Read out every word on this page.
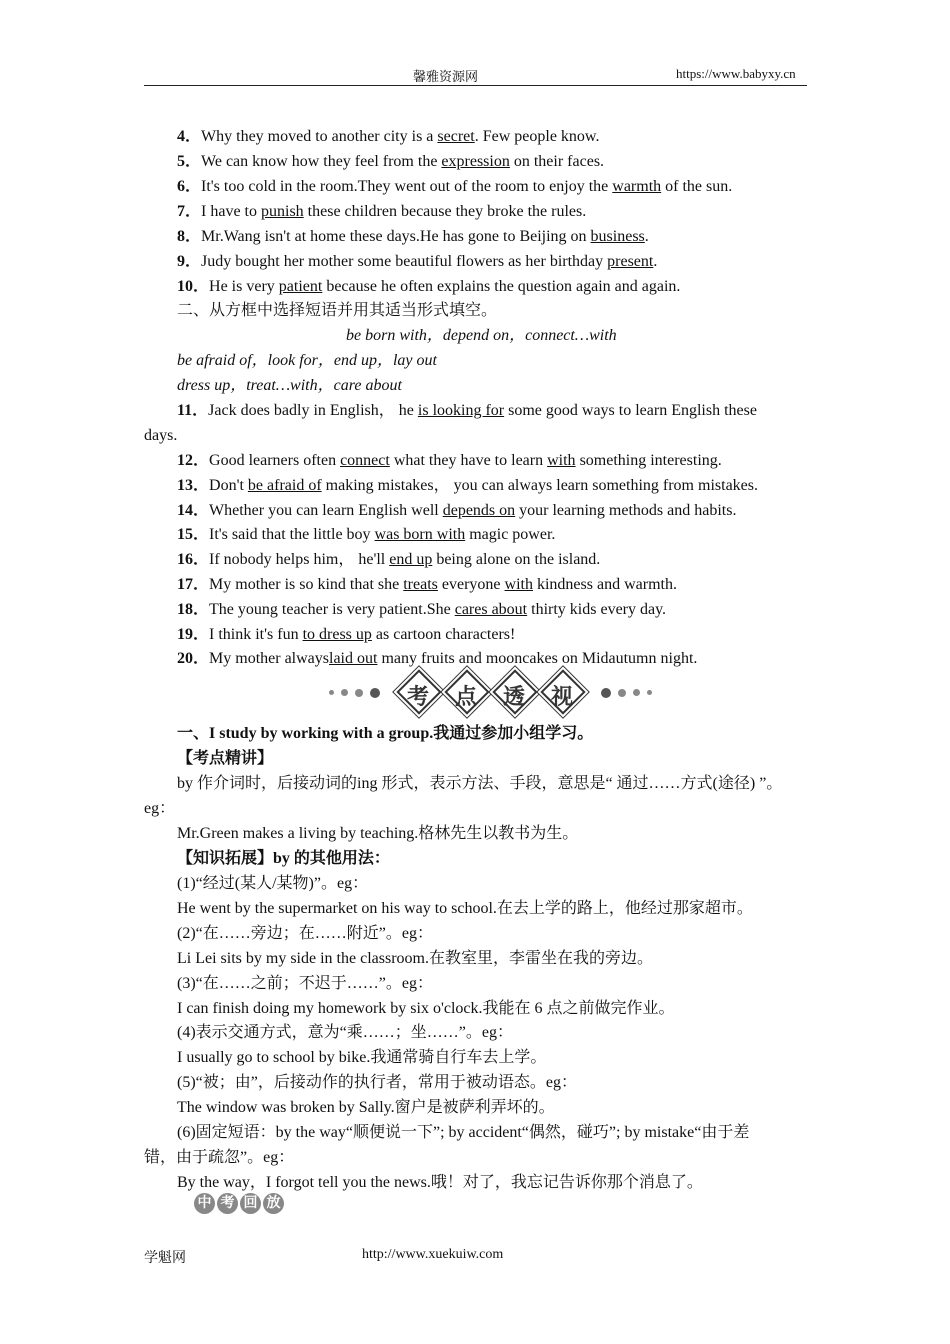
馨雅资源网	https://www.babyxy.cn
4．Why they moved to another city is a secret. Few people know.
5．We can know how they feel from the expression on their faces.
6．It's too cold in the room.They went out of the room to enjoy the warmth of the sun.
7．I have to punish these children because they broke the rules.
8．Mr.Wang isn't at home these days.He has gone to Beijing on business.
9．Judy bought her mother some beautiful flowers as her birthday present.
10．He is very patient because he often explains the question again and again.
二、从方框中选择短语并用其适当形式填空。
be born with，depend on，connect…with
be afraid of，look for，end up，lay out
dress up，treat…with，care about
11．Jack does badly in English， he is looking for some good ways to learn English these
days.
12．Good learners often connect what they have to learn with something interesting.
13．Don't be afraid of making mistakes， you can always learn something from mistakes.
14．Whether you can learn English well depends on your learning methods and habits.
15．It's said that the little boy was born with magic power.
16．If nobody helps him， he'll end up being alone on the island.
17．My mother is so kind that she treats everyone with kindness and warmth.
18．The young teacher is very patient.She cares about thirty kids every day.
19．I think it's fun to dress up as cartoon characters!
20．My mother alwayslaid out many fruits and mooncakes on Midautumn night.
考	点	透	视
一、I study by working with a group.我通过参加小组学习。
【考点精讲】
by 作介词时，后接动词的ing 形式，表示方法、手段，意思是“ 通过……方式(途径) ”。
eg：
Mr.Green makes a living by teaching.格林先生以教书为生。
【知识拓展】by 的其他用法：
(1)“经过(某人/某物)”。eg：
He went by the supermarket on his way to school.在去上学的路上，他经过那家超市。
(2)“在……旁边；在……附近”。eg：
Li Lei sits by my side in the classroom.在教室里，李雷坐在我的旁边。
(3)“在……之前；不迟于……”。eg：
I can finish doing my homework by six o'clock.我能在 6 点之前做完作业。
(4)表示交通方式，意为“乘……；坐……”。eg：
I usually go to school by bike.我通常骑自行车去上学。
(5)“被；由”，后接动作的执行者，常用于被动语态。eg：
The window was broken by Sally.窗户是被萨利弄坏的。
(6)固定短语：by the way“顺便说一下”; by accident“偶然，碰巧”; by mistake“由于差
错，由于疏忽”。eg：
By the way，I forgot tell you the news.哦！对了，我忘记告诉你那个消息了。
中 考 回 放
学魁网	http://www.xuekuiw.com
